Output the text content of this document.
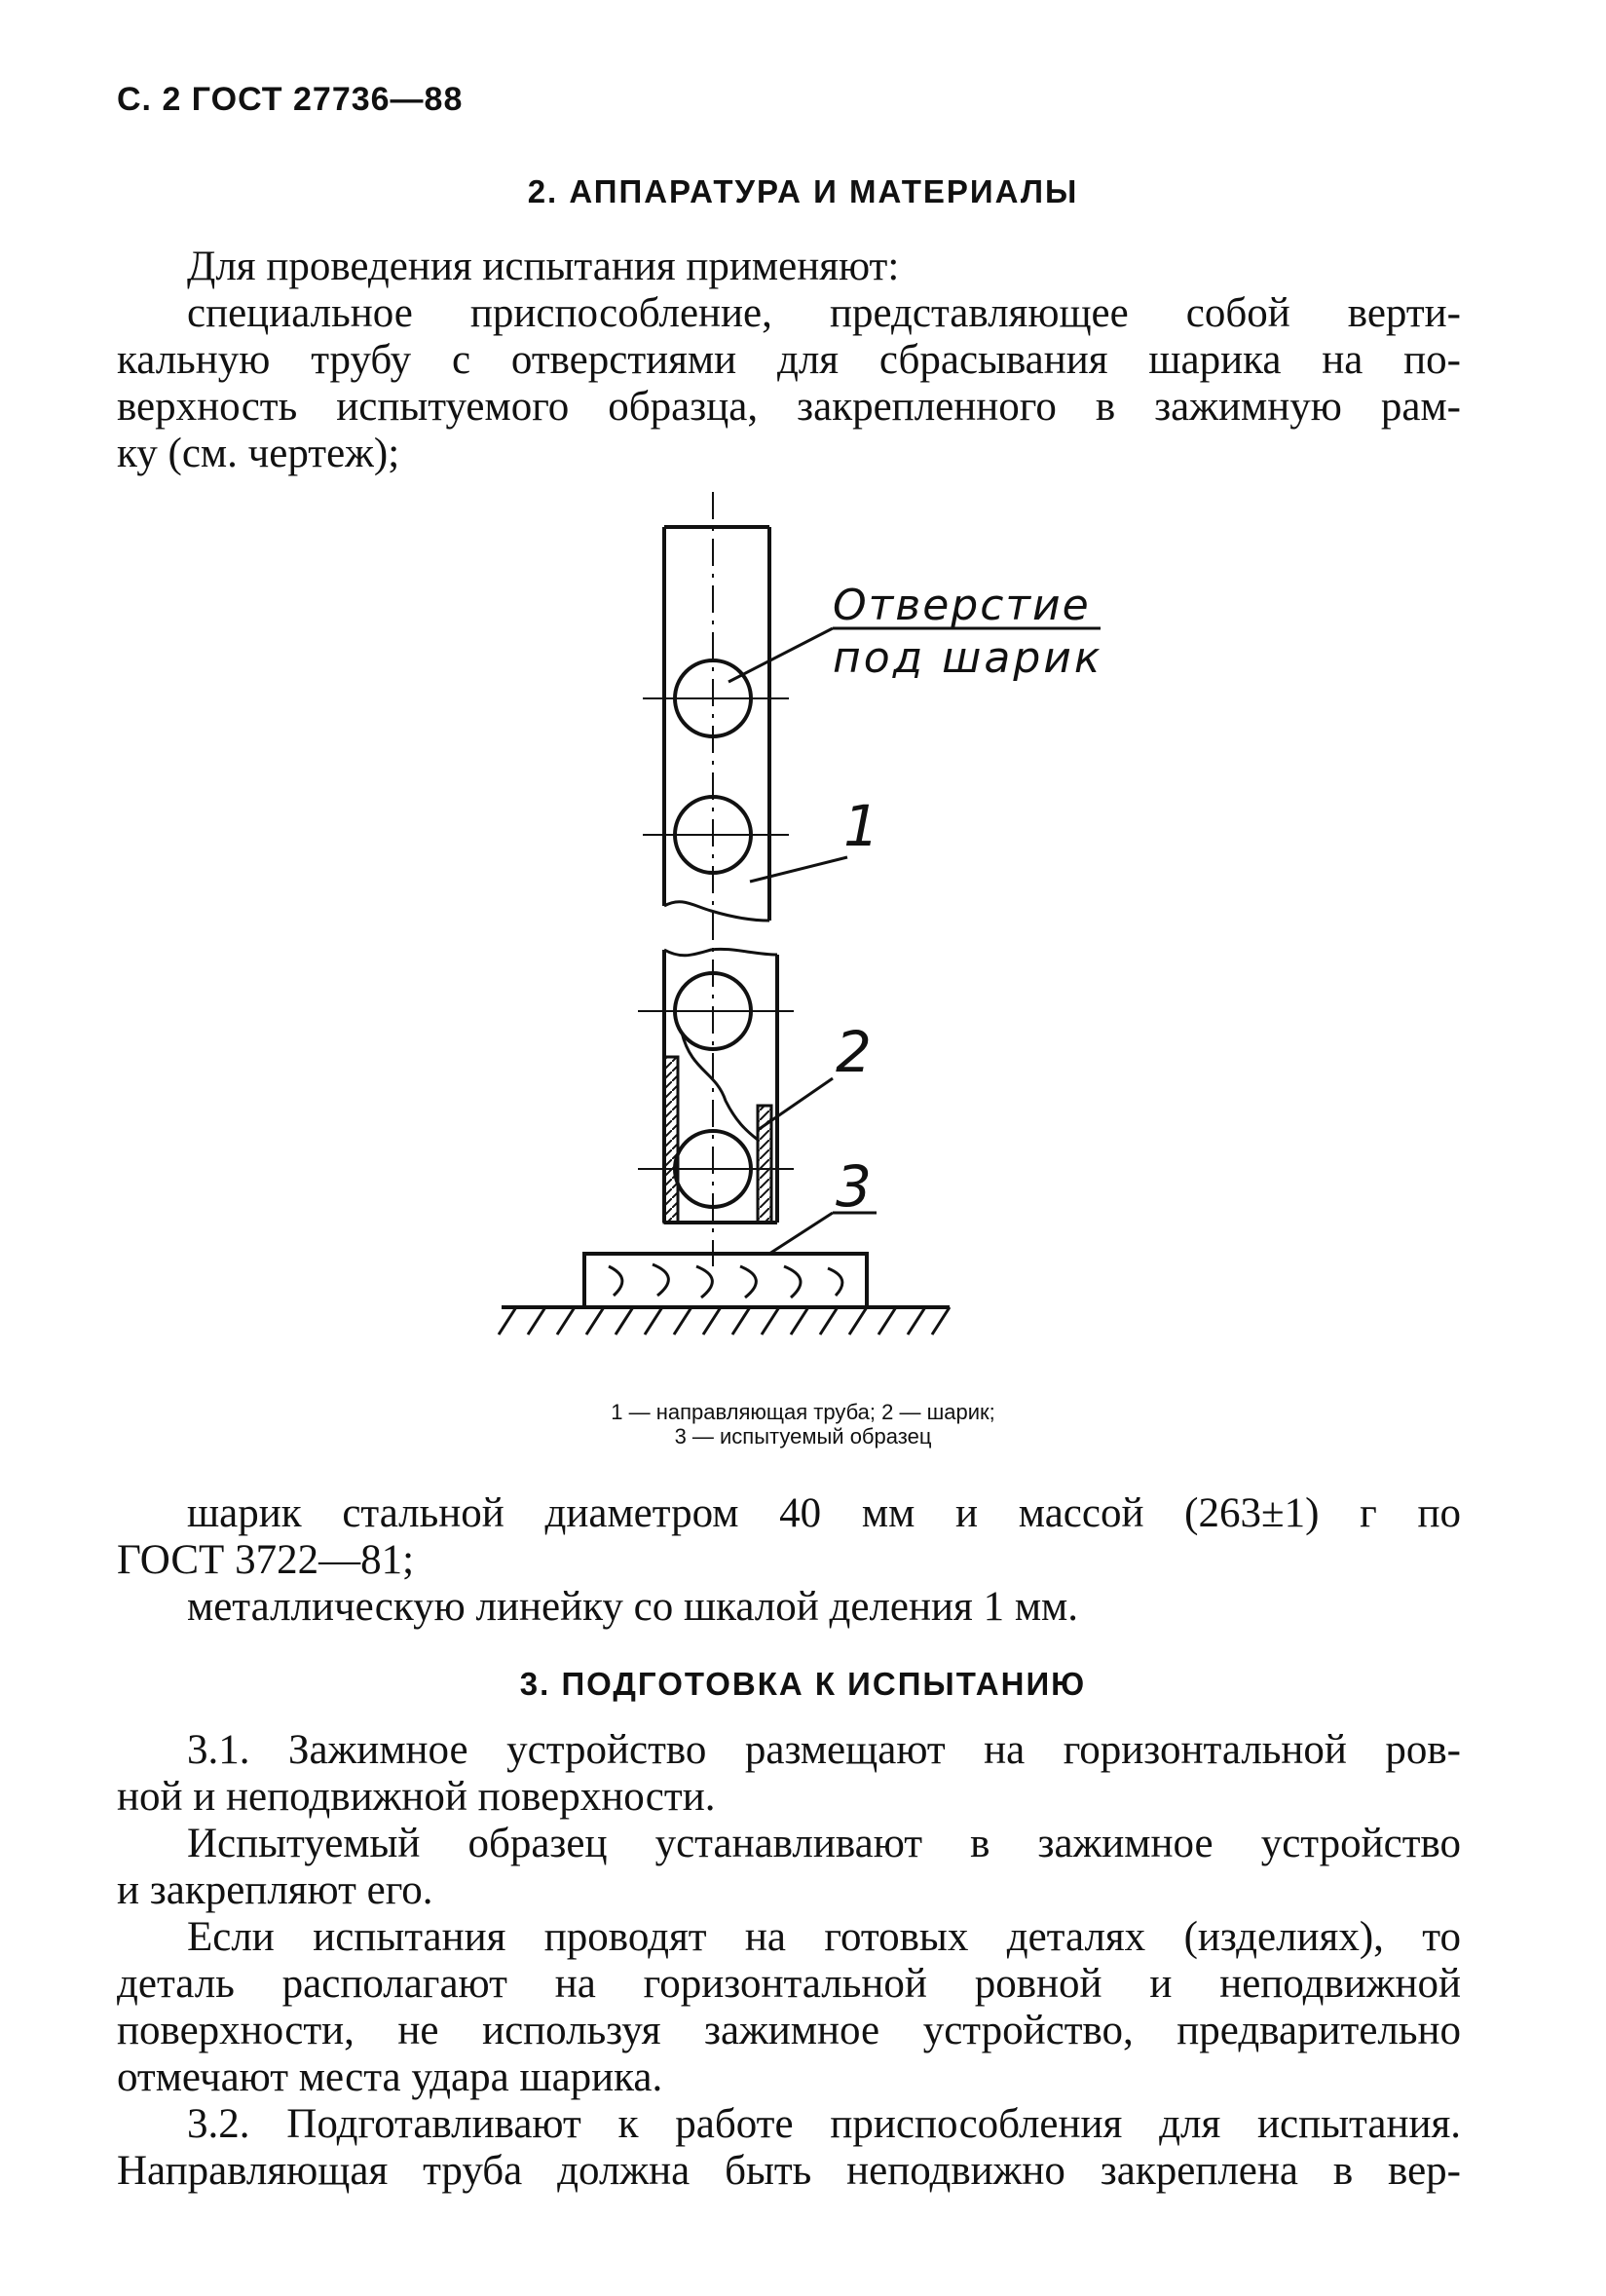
С. 2 ГОСТ 27736—88
2. АППАРАТУРА И МАТЕРИАЛЫ
Для проведения испытания применяют:
специальное приспособление, представляющее собой верти-
кальную трубу с отверстиями для сбрасывания шарика на по-
верхность испытуемого образца, закрепленного в зажимную рам-
ку (см. чертеж);
Отверстие
под шарик
1
2
3
1 — направляющая труба; 2 — шарик;
3 — испытуемый образец
шарик стальной диаметром 40 мм и массой (263±1) г по
ГОСТ 3722—81;
металлическую линейку со шкалой деления 1 мм.
3. ПОДГОТОВКА К ИСПЫТАНИЮ
3.1. Зажимное устройство размещают на горизонтальной ров-
ной и неподвижной поверхности.
Испытуемый образец устанавливают в зажимное устройство
и закрепляют его.
Если испытания проводят на готовых деталях (изделиях), то
деталь располагают на горизонтальной ровной и неподвижной
поверхности, не используя зажимное устройство, предварительно
отмечают места удара шарика.
3.2. Подготавливают к работе приспособления для испытания.
Направляющая труба должна быть неподвижно закреплена в вер-
